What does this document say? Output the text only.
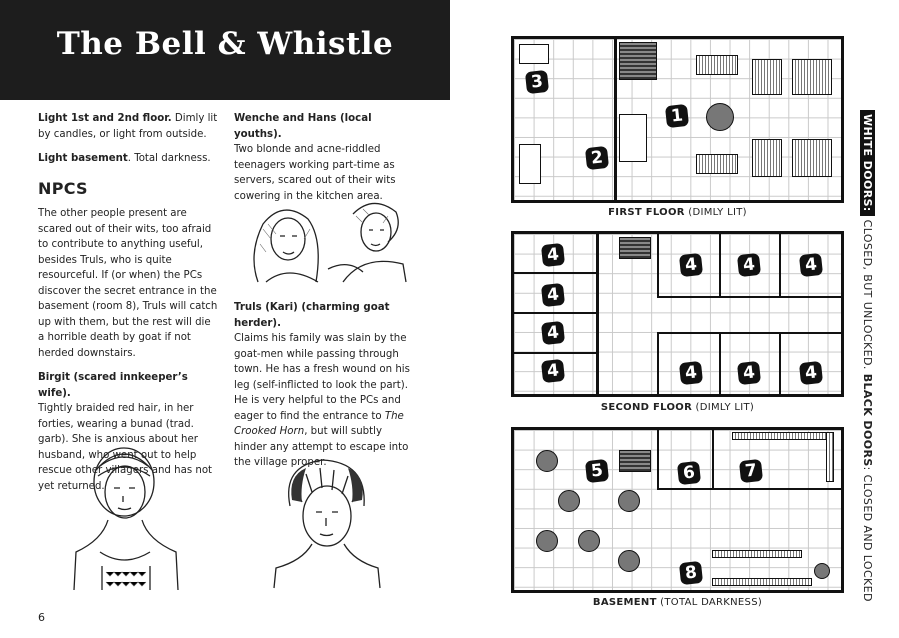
The Bell & Whistle

Light 1st and 2nd floor. Dimly lit by candles, or light from outside.

Light basement. Total darkness.

NPCS

The other people present are scared out of their wits, too afraid to contribute to anything useful, besides Truls, who is quite resourceful. If (or when) the PCs discover the secret entrance in the basement (room 8), Truls will catch up with them, but the rest will die a horrible death by goat if not herded downstairs.

Birgit (scared innkeeper’s wife).
Tightly braided red hair, in her forties, wearing a bunad (trad. garb). She is anxious about her husband, who went out to help rescue other villagers and has not yet returned.

Wenche and Hans (local youths).
Two blonde and acne-riddled teenagers working part-time as servers, scared out of their wits cowering in the kitchen area.

Truls (Kari) (charming goat herder).
Claims his family was slain by the goat-men while passing through town. He has a fresh wound on his leg (self-inflicted to look the part). He is very helpful to the PCs and eager to find the entrance to The Crooked Horn, but will subtly hinder any attempt to escape into the village proper.

6
3
2
1
FIRST FLOOR (DIMLY LIT)
4
4
4
4
4	4	4
4	4	4
SECOND FLOOR (DIMLY LIT)
5	6	7
8
BASEMENT (TOTAL DARKNESS)
WHITE DOORS: CLOSED, BUT UNLOCKED. BLACK DOORS: CLOSED AND LOCKED
